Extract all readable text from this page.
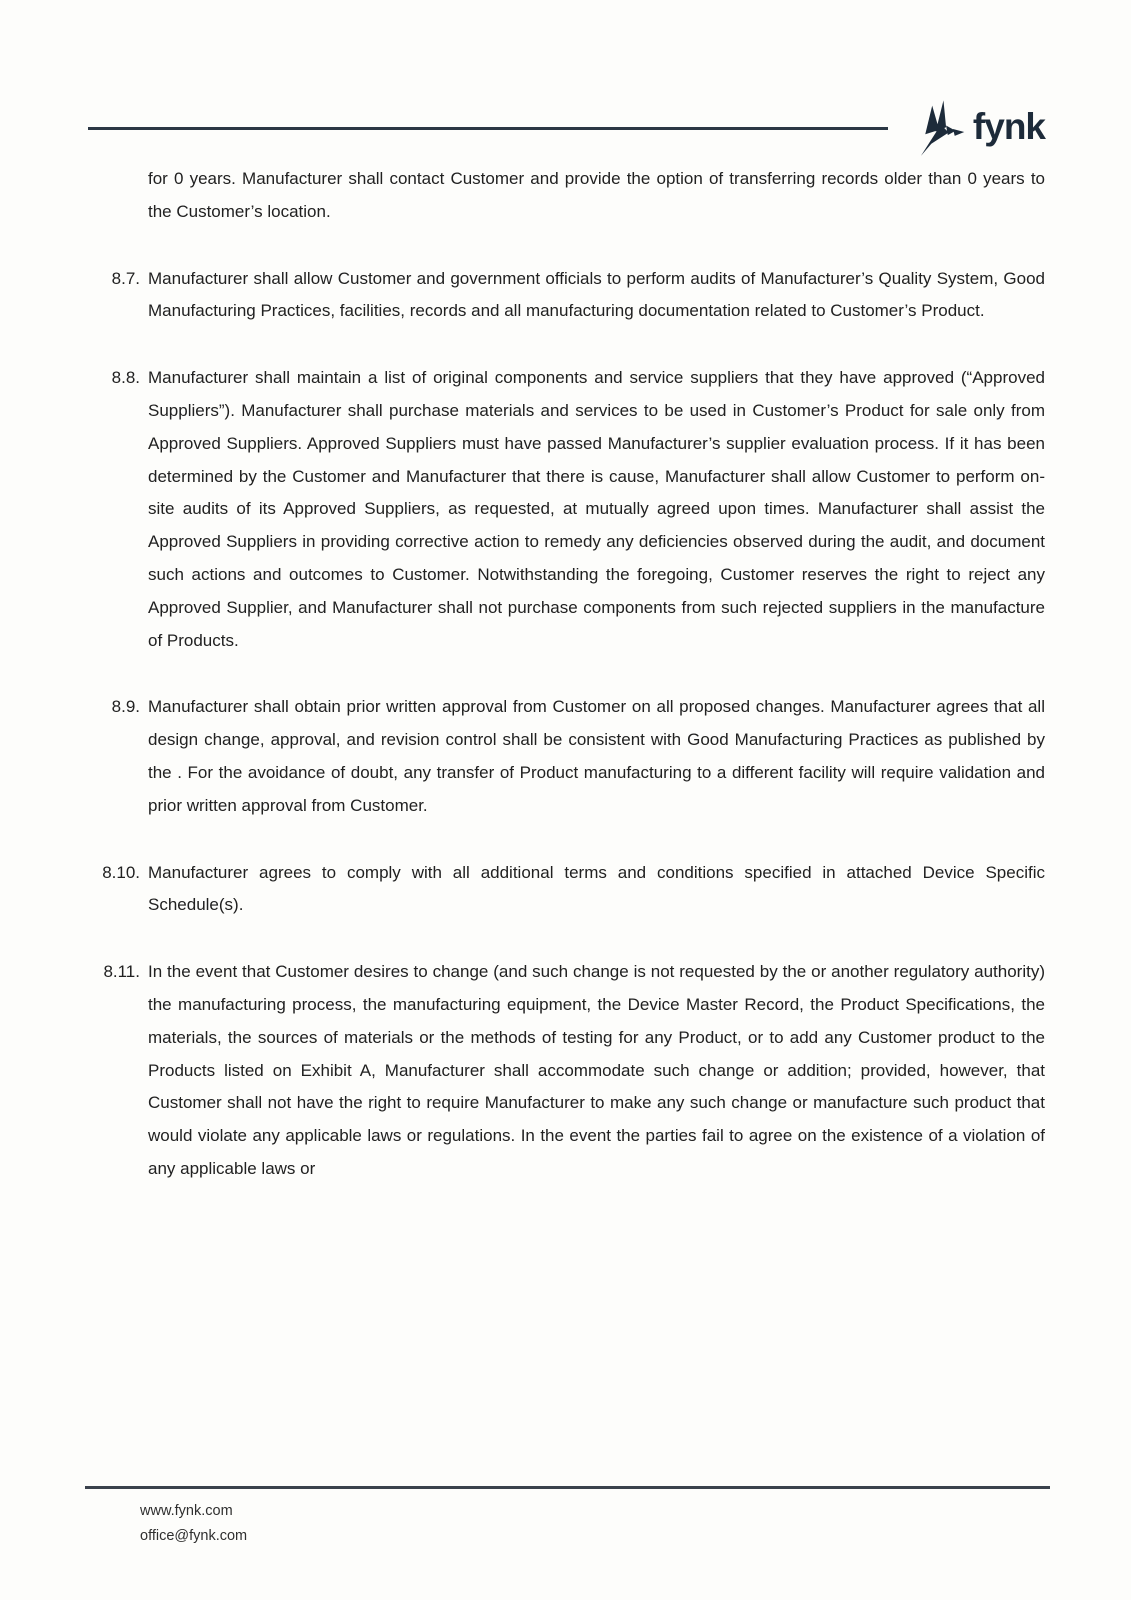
fynk

for 0 years. Manufacturer shall contact Customer and provide the option of transferring records older than 0 years to the Customer’s location.

8.7. Manufacturer shall allow Customer and government officials to perform audits of Manufacturer’s Quality System, Good Manufacturing Practices, facilities, records and all manufacturing documentation related to Customer’s Product.

8.8. Manufacturer shall maintain a list of original components and service suppliers that they have approved (“Approved Suppliers”). Manufacturer shall purchase materials and services to be used in Customer’s Product for sale only from Approved Suppliers. Approved Suppliers must have passed Manufacturer’s supplier evaluation process. If it has been determined by the Customer and Manufacturer that there is cause, Manufacturer shall allow Customer to perform on-site audits of its Approved Suppliers, as requested, at mutually agreed upon times. Manufacturer shall assist the Approved Suppliers in providing corrective action to remedy any deficiencies observed during the audit, and document such actions and outcomes to Customer. Notwithstanding the foregoing, Customer reserves the right to reject any Approved Supplier, and Manufacturer shall not purchase components from such rejected suppliers in the manufacture of Products.

8.9. Manufacturer shall obtain prior written approval from Customer on all proposed changes. Manufacturer agrees that all design change, approval, and revision control shall be consistent with Good Manufacturing Practices as published by the . For the avoidance of doubt, any transfer of Product manufacturing to a different facility will require validation and prior written approval from Customer.

8.10. Manufacturer agrees to comply with all additional terms and conditions specified in attached Device Specific Schedule(s).

8.11. In the event that Customer desires to change (and such change is not requested by the or another regulatory authority) the manufacturing process, the manufacturing equipment, the Device Master Record, the Product Specifications, the materials, the sources of materials or the methods of testing for any Product, or to add any Customer product to the Products listed on Exhibit A, Manufacturer shall accommodate such change or addition; provided, however, that Customer shall not have the right to require Manufacturer to make any such change or manufacture such product that would violate any applicable laws or regulations. In the event the parties fail to agree on the existence of a violation of any applicable laws or

www.fynk.com
office@fynk.com
